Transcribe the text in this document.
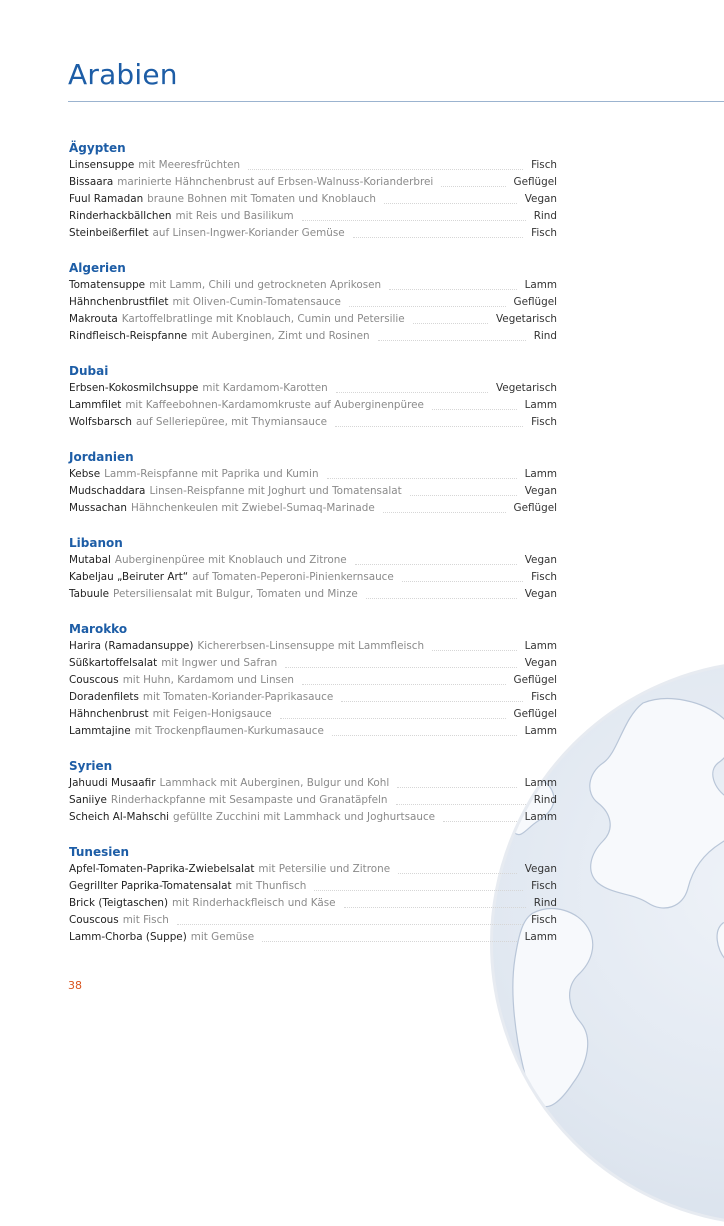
Arabien
Ägypten
Linsensuppe mit Meeresfrüchten	Fisch
Bissaara marinierte Hähnchenbrust auf Erbsen-Walnuss-Korianderbrei	Geflügel
Fuul Ramadan braune Bohnen mit Tomaten und Knoblauch	Vegan
Rinderhackbällchen mit Reis und Basilikum	Rind
Steinbeißerfilet auf Linsen-Ingwer-Koriander Gemüse	Fisch
Algerien
Tomatensuppe mit Lamm, Chili und getrockneten Aprikosen	Lamm
Hähnchenbrustfilet mit Oliven-Cumin-Tomatensauce	Geflügel
Makrouta Kartoffelbratlinge mit Knoblauch, Cumin und Petersilie	Vegetarisch
Rindfleisch-Reispfanne mit Auberginen, Zimt und Rosinen	Rind
Dubai
Erbsen-Kokosmilchsuppe mit Kardamom-Karotten	Vegetarisch
Lammfilet mit Kaffeebohnen-Kardamomkruste auf Auberginenpüree	Lamm
Wolfsbarsch auf Selleriepüree, mit Thymiansauce	Fisch
Jordanien
Kebse Lamm-Reispfanne mit Paprika und Kumin	Lamm
Mudschaddara Linsen-Reispfanne mit Joghurt und Tomatensalat	Vegan
Mussachan Hähnchenkeulen mit Zwiebel-Sumaq-Marinade	Geflügel
Libanon
Mutabal Auberginenpüree mit Knoblauch und Zitrone	Vegan
Kabeljau „Beiruter Art“ auf Tomaten-Peperoni-Pinienkernsauce	Fisch
Tabuule Petersiliensalat mit Bulgur, Tomaten und Minze	Vegan
Marokko
Harira (Ramadansuppe) Kichererbsen-Linsensuppe mit Lammfleisch	Lamm
Süßkartoffelsalat mit Ingwer und Safran	Vegan
Couscous mit Huhn, Kardamom und Linsen	Geflügel
Doradenfilets mit Tomaten-Koriander-Paprikasauce	Fisch
Hähnchenbrust mit Feigen-Honigsauce	Geflügel
Lammtajine mit Trockenpflaumen-Kurkumasauce	Lamm
Syrien
Jahuudi Musaafir Lammhack mit Auberginen, Bulgur und Kohl	Lamm
Saniiye Rinderhackpfanne mit Sesampaste und Granatäpfeln	Rind
Scheich Al-Mahschi gefüllte Zucchini mit Lammhack und Joghurtsauce	Lamm
Tunesien
Apfel-Tomaten-Paprika-Zwiebelsalat mit Petersilie und Zitrone	Vegan
Gegrillter Paprika-Tomatensalat mit Thunfisch	Fisch
Brick (Teigtaschen) mit Rinderhackfleisch und Käse	Rind
Couscous mit Fisch	Fisch
Lamm-Chorba (Suppe) mit Gemüse	Lamm
38
